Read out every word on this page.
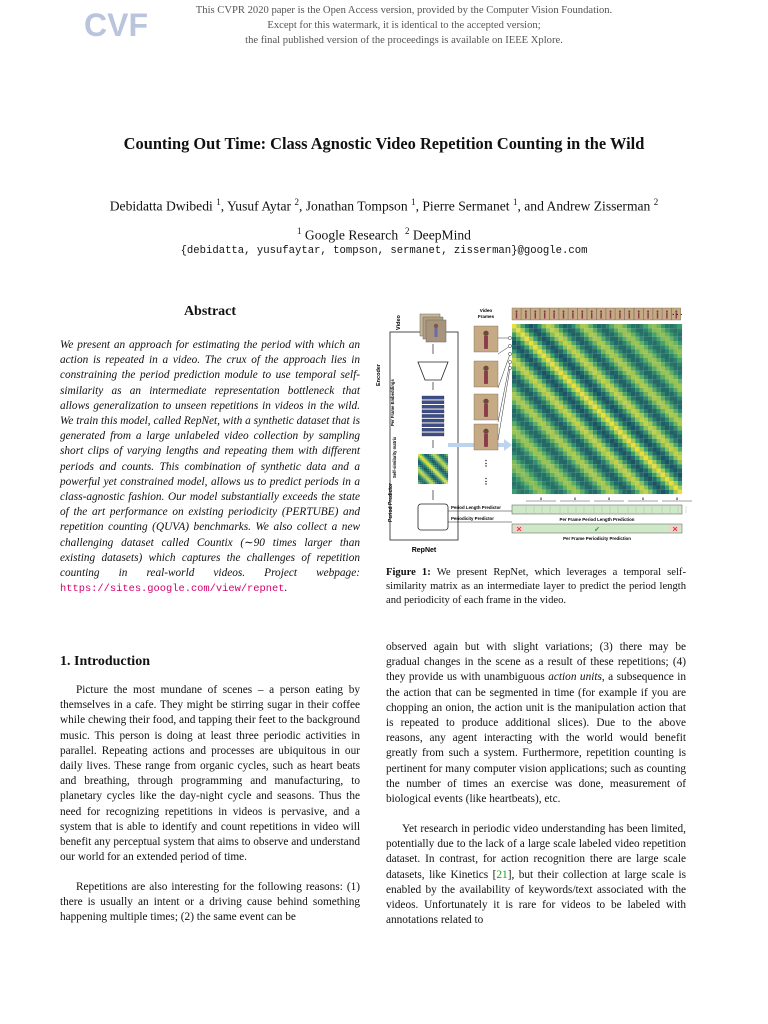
CVF	This CVPR 2020 paper is the Open Access version, provided by the Computer Vision Foundation.
Except for this watermark, it is identical to the accepted version;
the final published version of the proceedings is available on IEEE Xplore.
Counting Out Time: Class Agnostic Video Repetition Counting in the Wild
Debidatta Dwibedi $^1$, Yusuf Aytar $^2$, Jonathan Tompson $^1$, Pierre Sermanet $^1$, and Andrew Zisserman $^2$
$^1$ Google Research $^2$ DeepMind
{debidatta, yusufaytar, tompson, sermanet, zisserman}@google.com
Abstract

We present an approach for estimating the period with which an action is repeated in a video. The crux of the approach lies in constraining the period prediction module to use temporal self-similarity as an intermediate representation bottleneck that allows generalization to unseen repetitions in videos in the wild. We train this model, called RepNet, with a synthetic dataset that is generated from a large unlabeled video collection by sampling short clips of varying lengths and repeating them with different periods and counts. This combination of synthetic data and a powerful yet constrained model, allows us to predict periods in a class-agnostic fashion. Our model substantially exceeds the state of the art performance on existing periodicity (PERTUBE) and repetition counting (QUVA) benchmarks. We also collect a new challenging dataset called Countix (∼90 times larger than existing datasets) which captures the challenges of repetition counting in real-world videos. Project webpage: https://sites.google.com/view/repnet.

1. Introduction

Picture the most mundane of scenes – a person eating by themselves in a cafe. They might be stirring sugar in their coffee while chewing their food, and tapping their feet to the background music. This person is doing at least three periodic activities in parallel. Repeating actions and processes are ubiquitous in our daily lives. These range from organic cycles, such as heart beats and breathing, through programming and manufacturing, to planetary cycles like the day-night cycle and seasons. Thus the need for recognizing repetitions in videos is pervasive, and a system that is able to identify and count repetitions in video will benefit any perceptual system that aims to observe and understand our world for an extended period of time.

Repetitions are also interesting for the following reasons: (1) there is usually an intent or a driving cause behind something happening multiple times; (2) the same event can be

observed again but with slight variations; (3) there may be gradual changes in the scene as a result of these repetitions; (4) they provide us with unambiguous action units, a subsequence in the action that can be segmented in time (for example if you are chopping an onion, the action unit is the manipulation action that is repeated to produce additional slices). Due to the above reasons, any agent interacting with the world would benefit greatly from such a system. Furthermore, repetition counting is pertinent for many computer vision applications; such as counting the number of times an exercise was done, measurement of biological events (like heartbeats), etc.

Yet research in periodic video understanding has been limited, potentially due to the lack of a large scale labeled video repetition dataset. In contrast, for action recognition there are large scale datasets, like Kinetics [21], but their collection at large scale is enabled by the availability of keywords/text associated with the videos. Unfortunately it is rare for videos to be labeled with annotations related to

RepNet
Video
Encoder
Per Frame Embeddings
Self-similarity matrix
Period Predictor
Video
Frames
⋮
⋮
· · ·
Period Length Predictor
Periodicity Predictor
8	8	8	8	8
Per Frame Period Length Prediction
✕	✓	✕
Per Frame Periodicity Prediction

Figure 1: We present RepNet, which leverages a temporal self-similarity matrix as an intermediate layer to predict the period length and periodicity of each frame in the video.
